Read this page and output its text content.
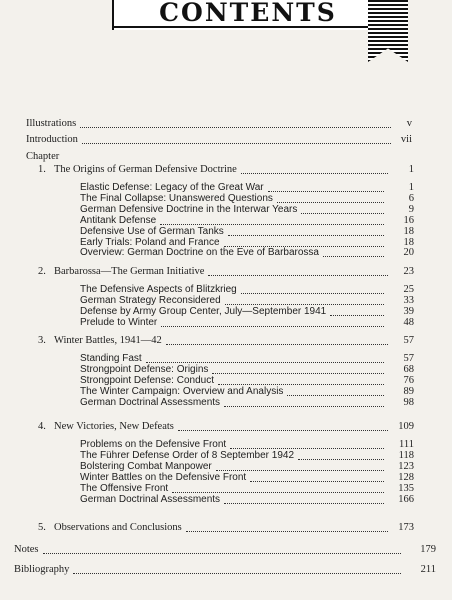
CONTENTS
Illustrations	v
Introduction	vii
Chapter
1. The Origins of German Defensive Doctrine	1
Elastic Defense: Legacy of the Great War	1
The Final Collapse: Unanswered Questions	6
German Defensive Doctrine in the Interwar Years	9
Antitank Defense	16
Defensive Use of German Tanks	18
Early Trials: Poland and France	18
Overview: German Doctrine on the Eve of Barbarossa	20
2. Barbarossa—The German Initiative	23
The Defensive Aspects of Blitzkrieg	25
German Strategy Reconsidered	33
Defense by Army Group Center, July—September 1941	39
Prelude to Winter	48
3. Winter Battles, 1941—42	57
Standing Fast	57
Strongpoint Defense: Origins	68
Strongpoint Defense: Conduct	76
The Winter Campaign: Overview and Analysis	89
German Doctrinal Assessments	98
4. New Victories, New Defeats	109
Problems on the Defensive Front	111
The Führer Defense Order of 8 September 1942	118
Bolstering Combat Manpower	123
Winter Battles on the Defensive Front	128
The Offensive Front	135
German Doctrinal Assessments	166
5. Observations and Conclusions	173
Notes	179
Bibliography	211
